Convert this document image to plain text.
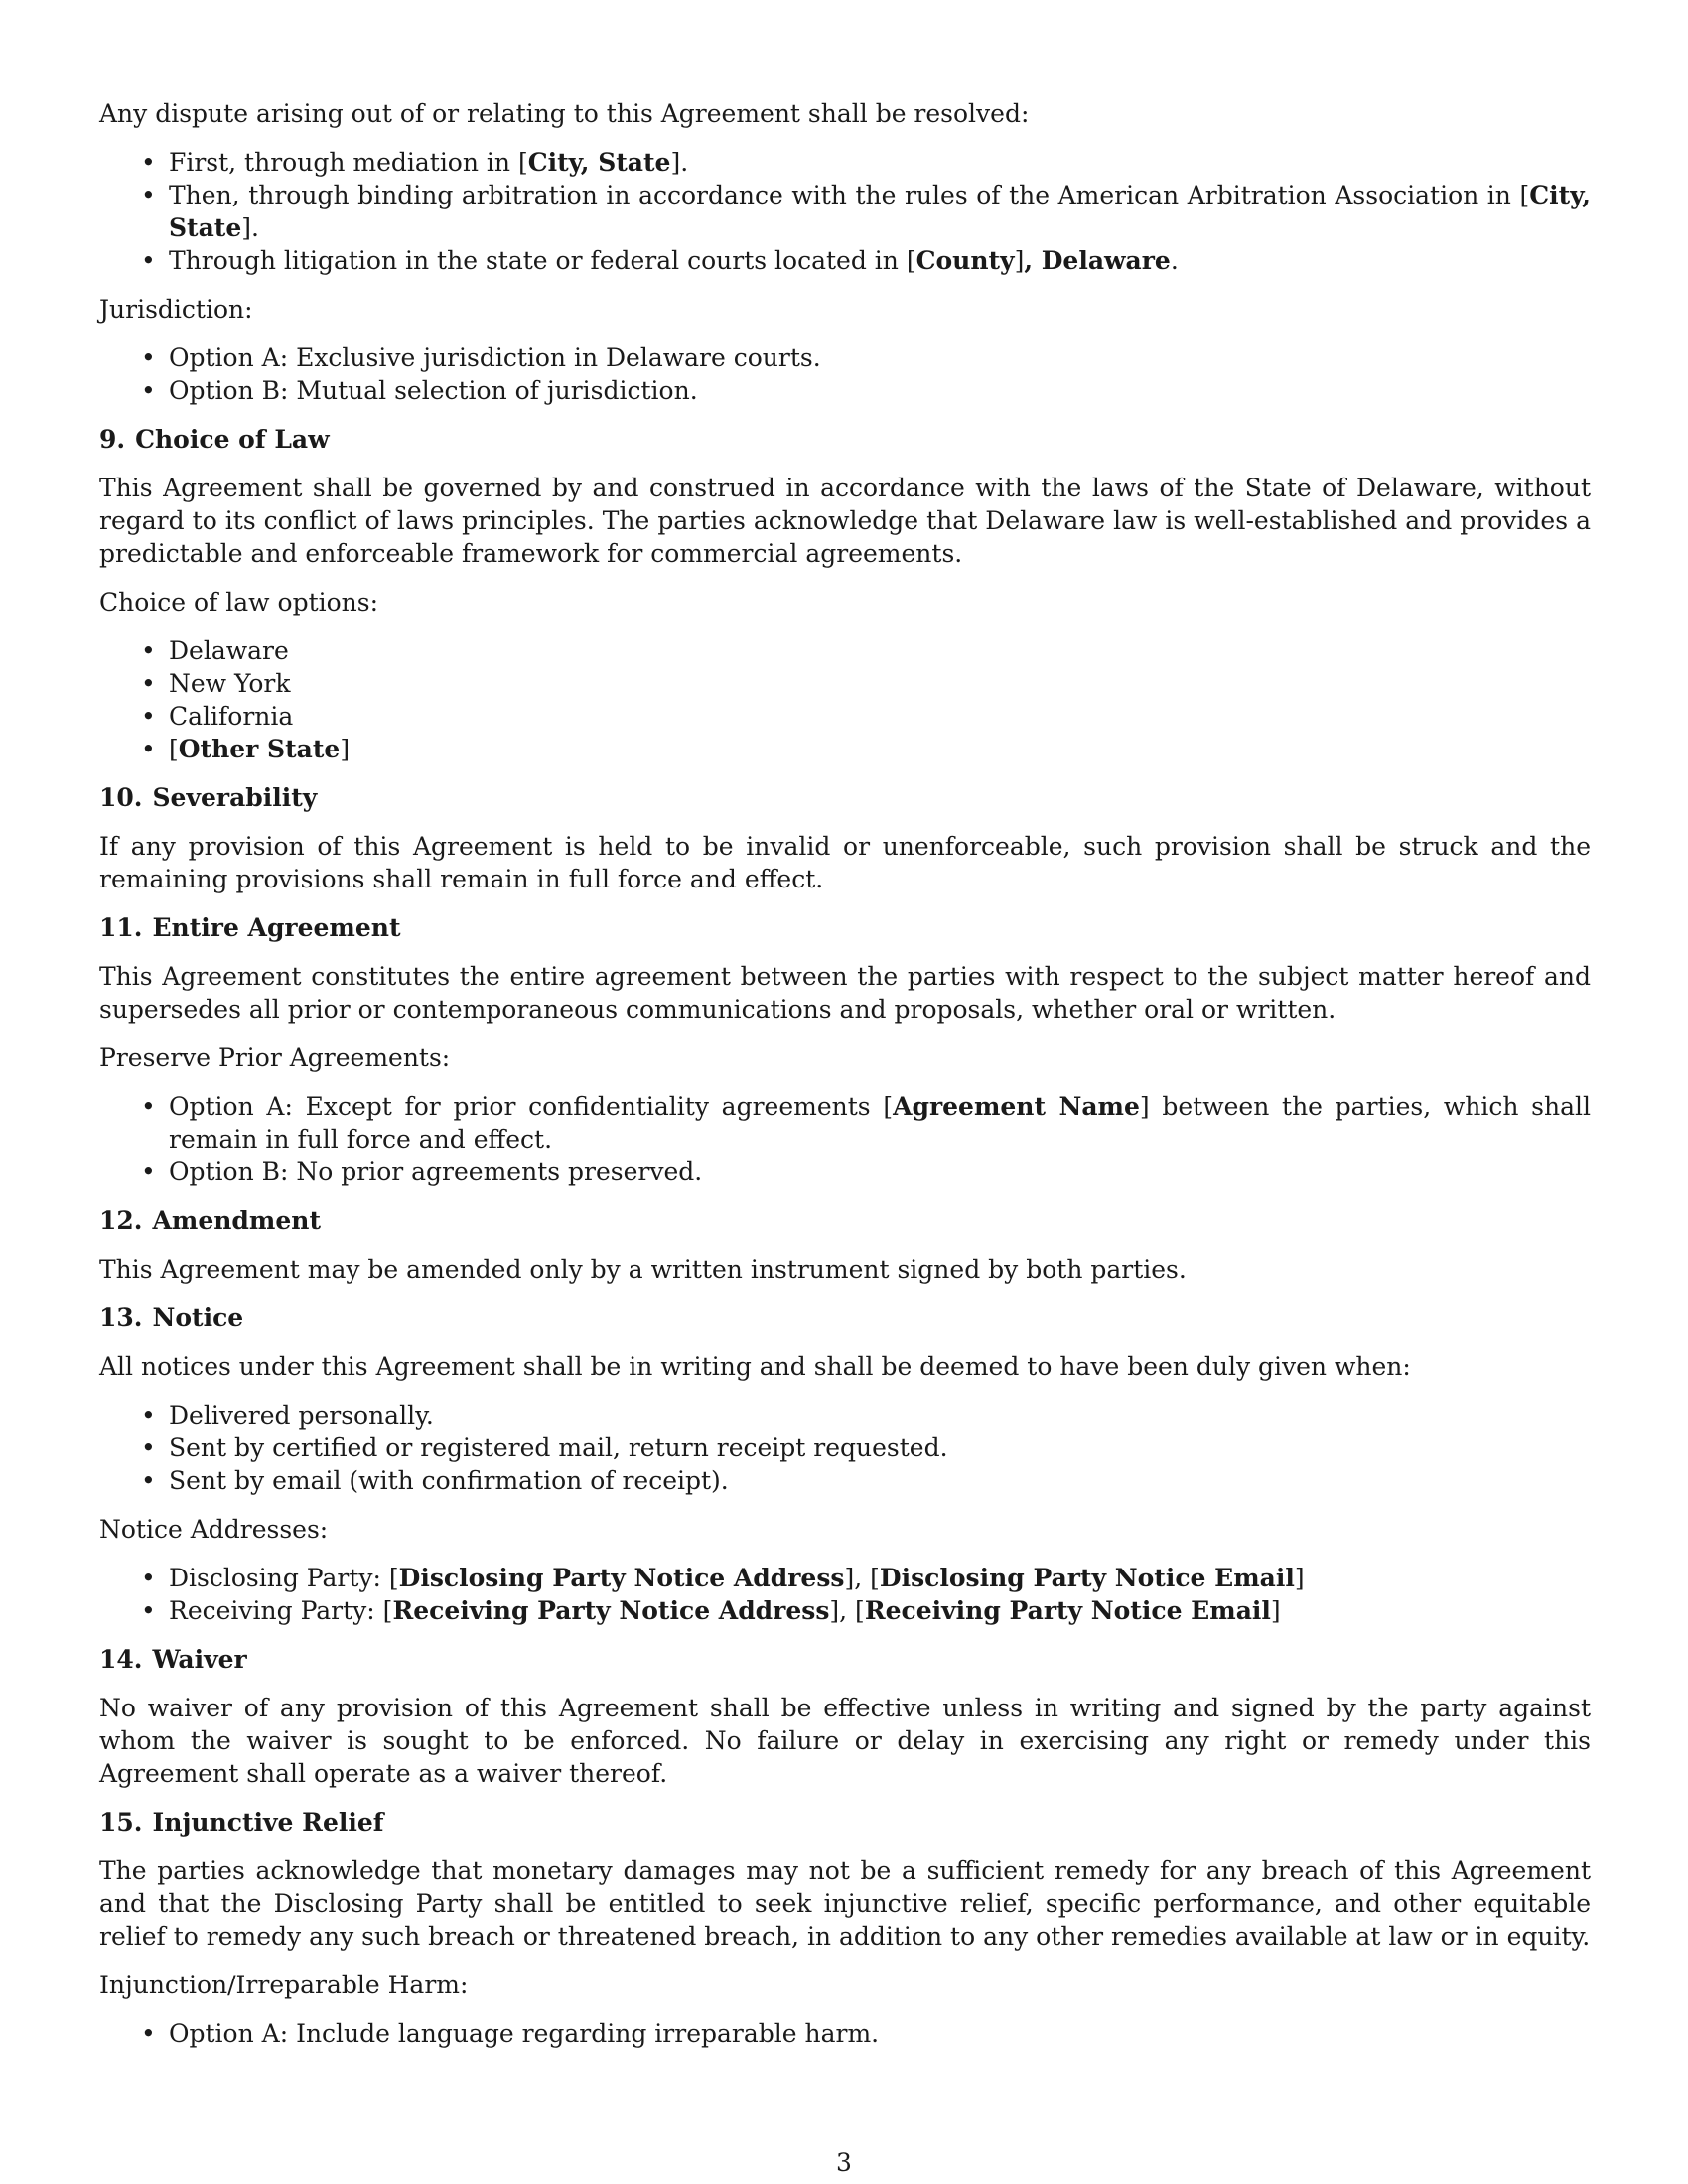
Any dispute arising out of or relating to this Agreement shall be resolved:

• First, through mediation in [City, State].
• Then, through binding arbitration in accordance with the rules of the American Arbitration Association in [City, State].
• Through litigation in the state or federal courts located in [County], Delaware.

Jurisdiction:

• Option A: Exclusive jurisdiction in Delaware courts.
• Option B: Mutual selection of jurisdiction.
9. Choice of Law

This Agreement shall be governed by and construed in accordance with the laws of the State of Delaware, without regard to its conflict of laws principles. The parties acknowledge that Delaware law is well-established and provides a predictable and enforceable framework for commercial agreements.

Choice of law options:

• Delaware
• New York
• California
• [Other State]
10. Severability

If any provision of this Agreement is held to be invalid or unenforceable, such provision shall be struck and the remaining provisions shall remain in full force and effect.

11. Entire Agreement

This Agreement constitutes the entire agreement between the parties with respect to the subject matter hereof and supersedes all prior or contemporaneous communications and proposals, whether oral or written.

Preserve Prior Agreements:

• Option A: Except for prior confidentiality agreements [Agreement Name] between the parties, which shall remain in full force and effect.
• Option B: No prior agreements preserved.
12. Amendment

This Agreement may be amended only by a written instrument signed by both parties.

13. Notice

All notices under this Agreement shall be in writing and shall be deemed to have been duly given when:

• Delivered personally.
• Sent by certified or registered mail, return receipt requested.
• Sent by email (with confirmation of receipt).

Notice Addresses:

• Disclosing Party: [Disclosing Party Notice Address], [Disclosing Party Notice Email]
• Receiving Party: [Receiving Party Notice Address], [Receiving Party Notice Email]
14. Waiver

No waiver of any provision of this Agreement shall be effective unless in writing and signed by the party against whom the waiver is sought to be enforced. No failure or delay in exercising any right or remedy under this Agreement shall operate as a waiver thereof.

15. Injunctive Relief

The parties acknowledge that monetary damages may not be a sufficient remedy for any breach of this Agreement and that the Disclosing Party shall be entitled to seek injunctive relief, specific performance, and other equitable relief to remedy any such breach or threatened breach, in addition to any other remedies available at law or in equity.

Injunction/Irreparable Harm:

• Option A: Include language regarding irreparable harm.
3
